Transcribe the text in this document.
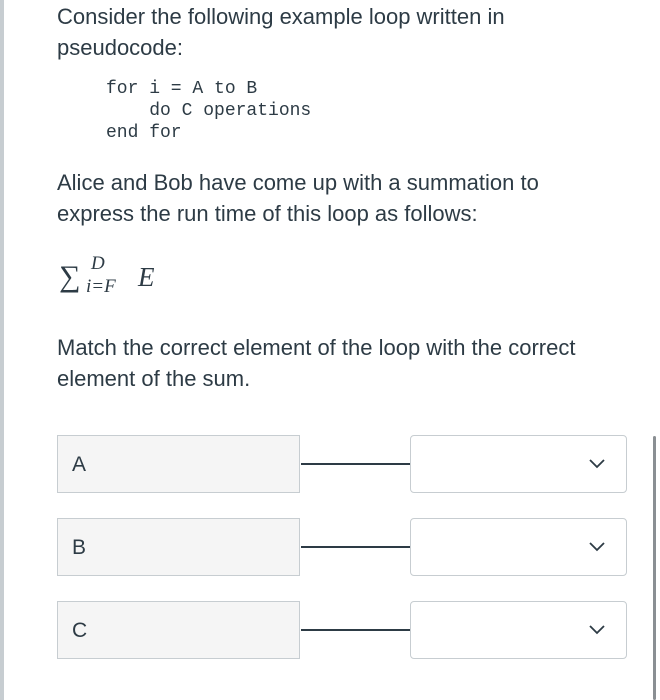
Consider the following example loop written in pseudocode:

for i = A to B
do C operations
end for

Alice and Bob have come up with a summation to express the run time of this loop as follows:

∑ D
i=F E

Match the correct element of the loop with the correct element of the sum.

A
B
C
